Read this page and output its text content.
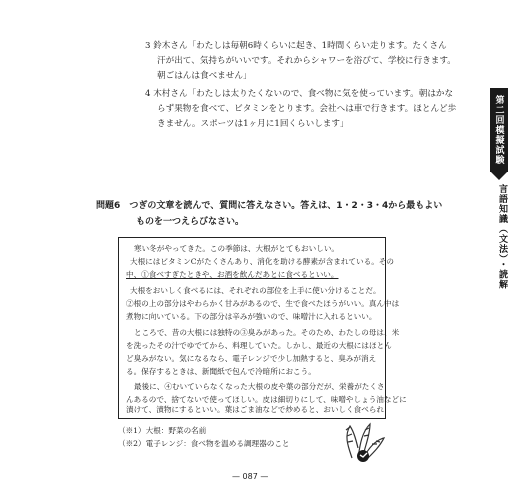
3 鈴木さん「わたしは毎朝6時くらいに起き、1時間くらい走ります。たくさん
汗が出て、気持ちがいいです。それからシャワーを浴びて、学校に行きます。
朝ごはんは食べません」
4 木村さん「わたしは太りたくないので、食べ物に気を使っています。朝はかな
らず果物を食べて、ビタミンをとります。会社へは車で行きます。ほとんど歩
きません。スポーツは1ヶ月に1回くらいします」	第二回模擬試験
言語知識（文法）・読解
問題6 つぎの文章を読んで、質問に答えなさい。答えは、1・2・3・4から最もよい
ものを一つえらびなさい。
寒い冬がやってきた。この季節は、大根がとてもおいしい。
大根にはビタミンCがたくさんあり、消化を助ける酵素が含まれている。その
中、①食べすぎたときや、お酒を飲んだあとに食べるといい。
大根をおいしく食べるには、それぞれの部位を上手に使い分けることだ。
②根の上の部分はやわらかく甘みがあるので、生で食べたほうがいい。真ん中は
煮物に向いている。下の部分は辛みが強いので、味噌汁に入れるといい。
ところで、昔の大根には独特の③臭みがあった。そのため、わたしの母は、米
を洗ったその汁でゆでてから、料理していた。しかし、最近の大根にはほとん
ど臭みがない。気になるなら、電子レンジで少し加熱すると、臭みが消え
る。保存するときは、新聞紙で包んで冷暗所におこう。
最後に、④むいていらなくなった大根の皮や葉の部分だが、栄養がたくさ
んあるので、捨てないで使ってほしい。皮は細切りにして、味噌やしょう油などに
漬けて、漬物にするといい。葉はごま油などで炒めると、おいしく食べられ
（※1）大根：野菜の名前
（※2）電子レンジ：食べ物を温める調理器のこと
— 087 —
